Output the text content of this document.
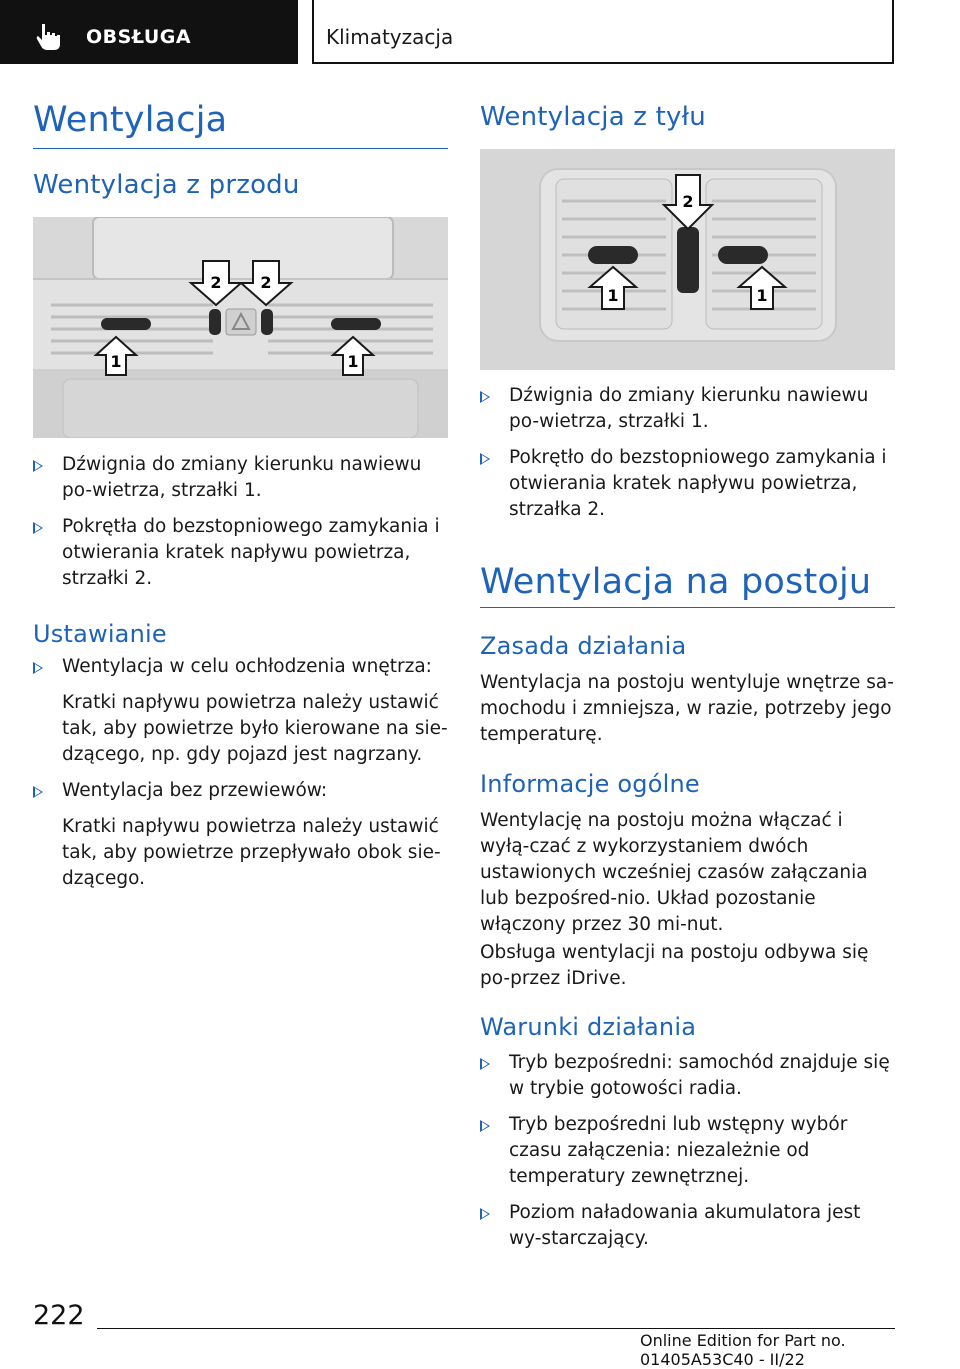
OBSŁUGA	Klimatyzacja
Wentylacja
Wentylacja z przodu
1
2 2
1
Dźwignia do zmiany kierunku nawiewu po-wietrza, strzałki 1.
Pokrętła do bezstopniowego zamykania i otwierania kratek napływu powietrza, strzałki 2.
Ustawianie
Wentylacja w celu ochłodzenia wnętrza:
Kratki napływu powietrza należy ustawić tak, aby powietrze było kierowane na sie-dzącego, np. gdy pojazd jest nagrzany.
Wentylacja bez przewiewów:
Kratki napływu powietrza należy ustawić tak, aby powietrze przepływało obok sie-dzącego.
Wentylacja z tyłu
2
1	1
Dźwignia do zmiany kierunku nawiewu po-wietrza, strzałki 1.
Pokrętło do bezstopniowego zamykania i otwierania kratek napływu powietrza, strzałka 2.
Wentylacja na postoju
Zasada działania

Wentylacja na postoju wentyluje wnętrze sa-mochodu i zmniejsza, w razie, potrzeby jego temperaturę.

Informacje ogólne

Wentylację na postoju można włączać i wyłą-czać z wykorzystaniem dwóch ustawionych wcześniej czasów załączania lub bezpośred-nio. Układ pozostanie włączony przez 30 mi-nut.

Obsługa wentylacji na postoju odbywa się po-przez iDrive.

Warunki działania
Tryb bezpośredni: samochód znajduje się w trybie gotowości radia.
Tryb bezpośredni lub wstępny wybór czasu załączenia: niezależnie od temperatury zewnętrznej.
Poziom naładowania akumulatora jest wy-starczający.
222
Online Edition for Part no. 01405A53C40 - II/22
